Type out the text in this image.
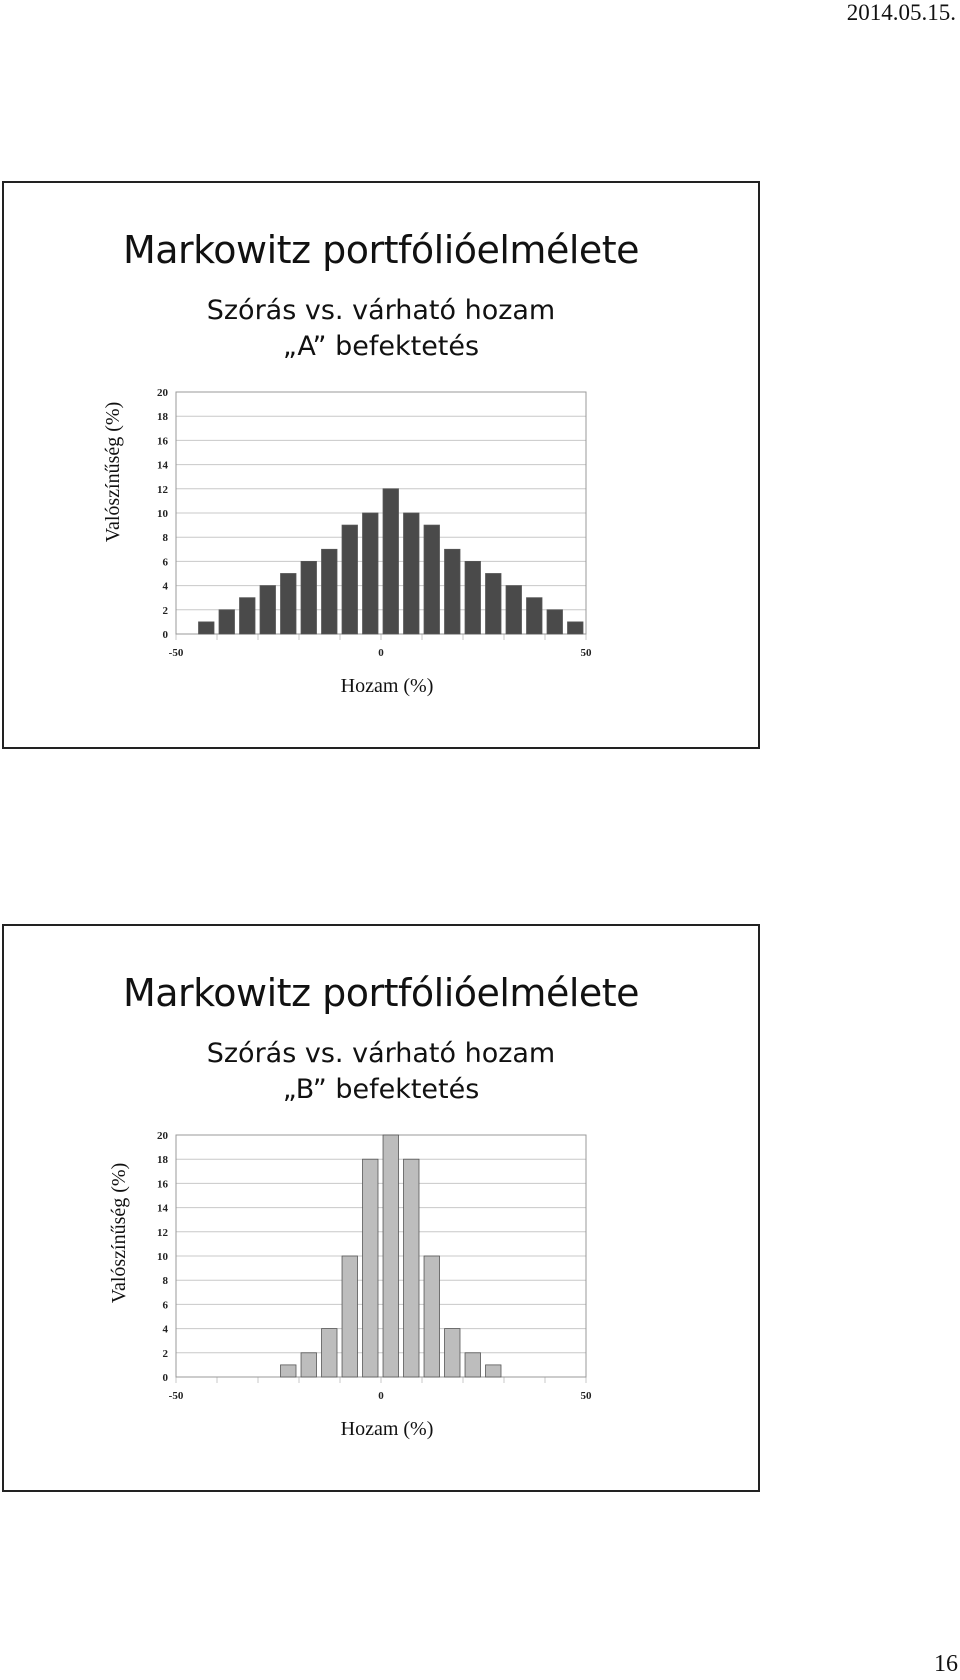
2014.05.15.
Markowitz portfólióelmélete
Szórás vs. várható hozam
„A” befektetés
0
2
4
6
8
10
12
14
16
18
20
-50	0	50
Hozam (%)
Valószínűség (%)
Markowitz portfólióelmélete
Szórás vs. várható hozam
„B” befektetés
0
2
4
6
8
10
12
14
16
18
20
-50	0	50
Hozam (%)
Valószínűség (%)
16
